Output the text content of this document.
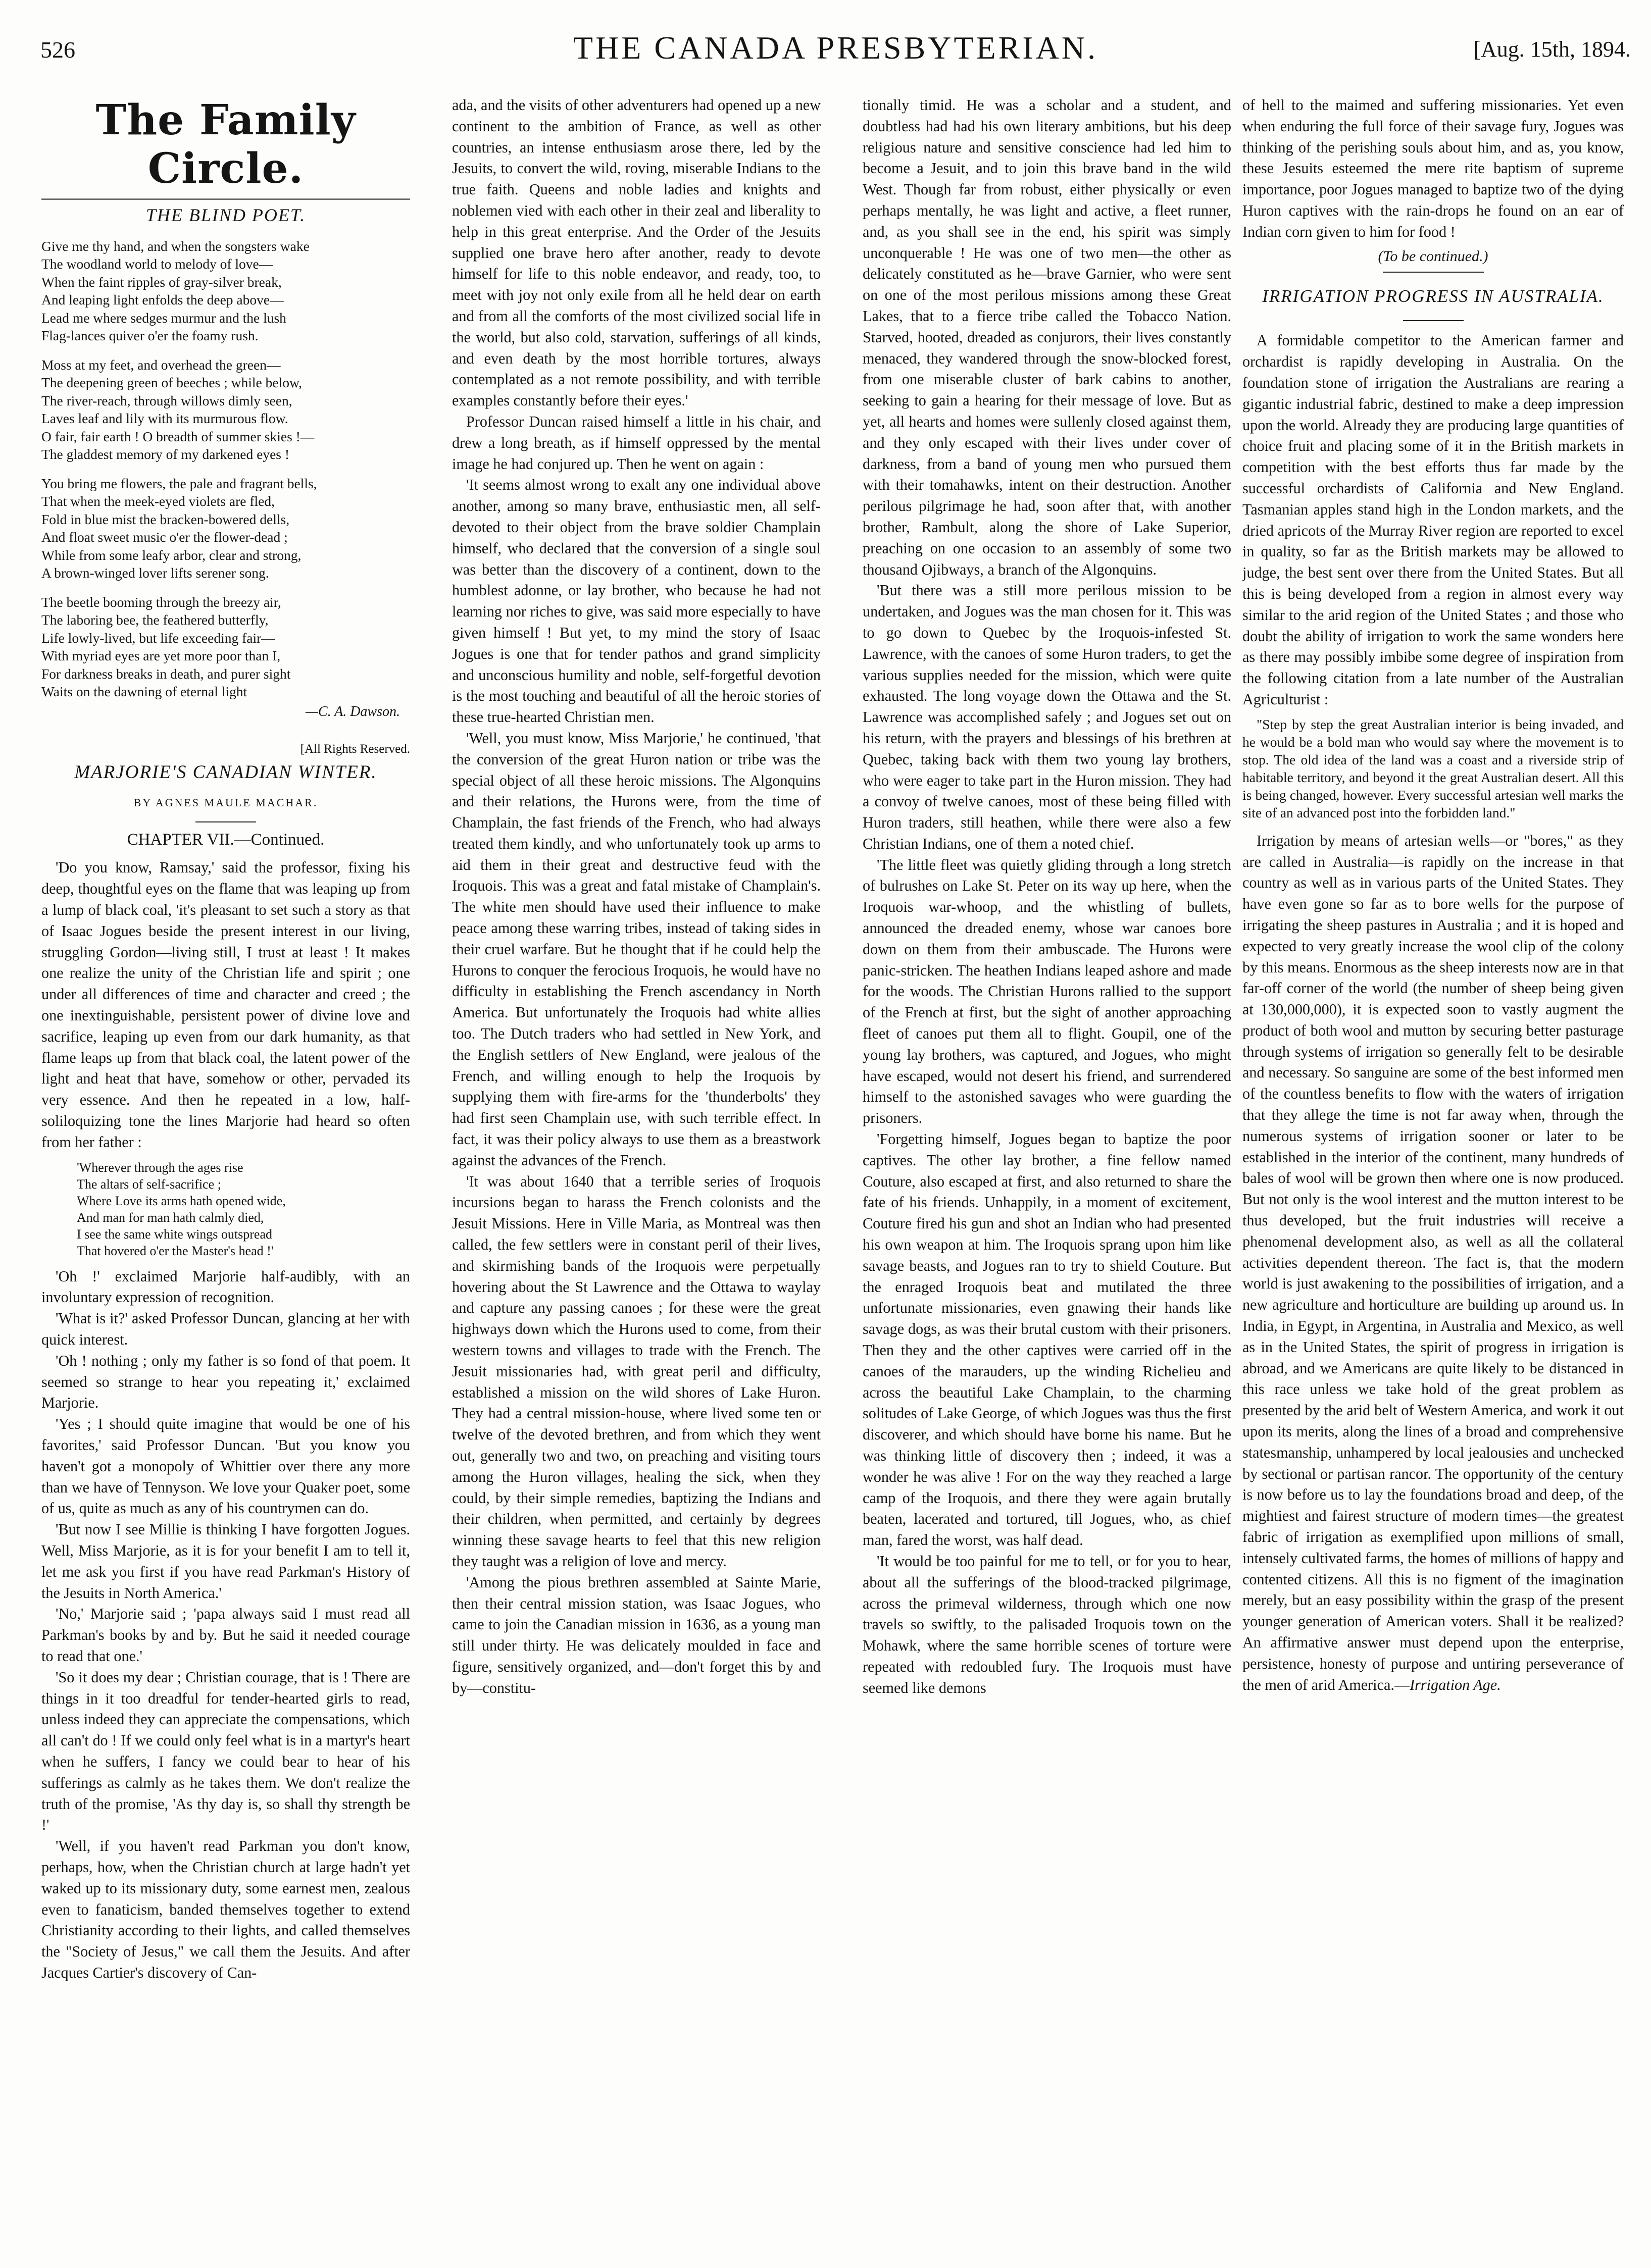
526	THE CANADA PRESBYTERIAN.	[Aug. 15th, 1894.
The Family Circle.
THE BLIND POET.
Give me thy hand, and when the songsters wake
The woodland world to melody of love—
When the faint ripples of gray-silver break,
And leaping light enfolds the deep above—
Lead me where sedges murmur and the lush
Flag-lances quiver o'er the foamy rush.
Moss at my feet, and overhead the green—
The deepening green of beeches ; while below,
The river-reach, through willows dimly seen,
Laves leaf and lily with its murmurous flow.
O fair, fair earth ! O breadth of summer skies !—
The gladdest memory of my darkened eyes !
You bring me flowers, the pale and fragrant bells,
That when the meek-eyed violets are fled,
Fold in blue mist the bracken-bowered dells,
And float sweet music o'er the flower-dead ;
While from some leafy arbor, clear and strong,
A brown-winged lover lifts serener song.
The beetle booming through the breezy air,
The laboring bee, the feathered butterfly,
Life lowly-lived, but life exceeding fair—
With myriad eyes are yet more poor than I,
For darkness breaks in death, and purer sight
Waits on the dawning of eternal light
—C. A. Dawson.
[All Rights Reserved.
MARJORIE'S CANADIAN WINTER.
BY AGNES MAULE MACHAR.
CHAPTER VII.—Continued.

'Do you know, Ramsay,' said the professor, fixing his deep, thoughtful eyes on the flame that was leaping up from a lump of black coal, 'it's pleasant to set such a story as that of Isaac Jogues beside the present interest in our living, struggling Gordon—living still, I trust at least ! It makes one realize the unity of the Christian life and spirit ; one under all differences of time and character and creed ; the one inextinguishable, persistent power of divine love and sacrifice, leaping up even from our dark humanity, as that flame leaps up from that black coal, the latent power of the light and heat that have, somehow or other, pervaded its very essence. And then he repeated in a low, half-soliloquizing tone the lines Marjorie had heard so often from her father :

'Wherever through the ages rise
The altars of self-sacrifice ;
Where Love its arms hath opened wide,
And man for man hath calmly died,
I see the same white wings outspread
That hovered o'er the Master's head !'

'Oh !' exclaimed Marjorie half-audibly, with an involuntary expression of recognition.

'What is it?' asked Professor Duncan, glancing at her with quick interest.

'Oh ! nothing ; only my father is so fond of that poem. It seemed so strange to hear you repeating it,' exclaimed Marjorie.

'Yes ; I should quite imagine that would be one of his favorites,' said Professor Duncan. 'But you know you haven't got a monopoly of Whittier over there any more than we have of Tennyson. We love your Quaker poet, some of us, quite as much as any of his countrymen can do.

'But now I see Millie is thinking I have forgotten Jogues. Well, Miss Marjorie, as it is for your benefit I am to tell it, let me ask you first if you have read Parkman's History of the Jesuits in North America.'

'No,' Marjorie said ; 'papa always said I must read all Parkman's books by and by. But he said it needed courage to read that one.'

'So it does my dear ; Christian courage, that is ! There are things in it too dreadful for tender-hearted girls to read, unless indeed they can appreciate the compensations, which all can't do ! If we could only feel what is in a martyr's heart when he suffers, I fancy we could bear to hear of his sufferings as calmly as he takes them. We don't realize the truth of the promise, 'As thy day is, so shall thy strength be !'

'Well, if you haven't read Parkman you don't know, perhaps, how, when the Christian church at large hadn't yet waked up to its missionary duty, some earnest men, zealous even to fanaticism, banded themselves together to extend Christianity according to their lights, and called themselves the "Society of Jesus," we call them the Jesuits. And after Jacques Cartier's discovery of Can-

ada, and the visits of other adventurers had opened up a new continent to the ambition of France, as well as other countries, an intense enthusiasm arose there, led by the Jesuits, to convert the wild, roving, miserable Indians to the true faith. Queens and noble ladies and knights and noblemen vied with each other in their zeal and liberality to help in this great enterprise. And the Order of the Jesuits supplied one brave hero after another, ready to devote himself for life to this noble endeavor, and ready, too, to meet with joy not only exile from all he held dear on earth and from all the comforts of the most civilized social life in the world, but also cold, starvation, sufferings of all kinds, and even death by the most horrible tortures, always contemplated as a not remote possibility, and with terrible examples constantly before their eyes.'

Professor Duncan raised himself a little in his chair, and drew a long breath, as if himself oppressed by the mental image he had conjured up. Then he went on again :

'It seems almost wrong to exalt any one individual above another, among so many brave, enthusiastic men, all self-devoted to their object from the brave soldier Champlain himself, who declared that the conversion of a single soul was better than the discovery of a continent, down to the humblest adonne, or lay brother, who because he had not learning nor riches to give, was said more especially to have given himself ! But yet, to my mind the story of Isaac Jogues is one that for tender pathos and grand simplicity and unconscious humility and noble, self-forgetful devotion is the most touching and beautiful of all the heroic stories of these true-hearted Christian men.

'Well, you must know, Miss Marjorie,' he continued, 'that the conversion of the great Huron nation or tribe was the special object of all these heroic missions. The Algonquins and their relations, the Hurons were, from the time of Champlain, the fast friends of the French, who had always treated them kindly, and who unfortunately took up arms to aid them in their great and destructive feud with the Iroquois. This was a great and fatal mistake of Champlain's. The white men should have used their influence to make peace among these warring tribes, instead of taking sides in their cruel warfare. But he thought that if he could help the Hurons to conquer the ferocious Iroquois, he would have no difficulty in establishing the French ascendancy in North America. But unfortunately the Iroquois had white allies too. The Dutch traders who had settled in New York, and the English settlers of New England, were jealous of the French, and willing enough to help the Iroquois by supplying them with fire-arms for the 'thunderbolts' they had first seen Champlain use, with such terrible effect. In fact, it was their policy always to use them as a breastwork against the advances of the French.

'It was about 1640 that a terrible series of Iroquois incursions began to harass the French colonists and the Jesuit Missions. Here in Ville Maria, as Montreal was then called, the few settlers were in constant peril of their lives, and skirmishing bands of the Iroquois were perpetually hovering about the St Lawrence and the Ottawa to waylay and capture any passing canoes ; for these were the great highways down which the Hurons used to come, from their western towns and villages to trade with the French. The Jesuit missionaries had, with great peril and difficulty, established a mission on the wild shores of Lake Huron. They had a central mission-house, where lived some ten or twelve of the devoted brethren, and from which they went out, generally two and two, on preaching and visiting tours among the Huron villages, healing the sick, when they could, by their simple remedies, baptizing the Indians and their children, when permitted, and certainly by degrees winning these savage hearts to feel that this new religion they taught was a religion of love and mercy.

'Among the pious brethren assembled at Sainte Marie, then their central mission station, was Isaac Jogues, who came to join the Canadian mission in 1636, as a young man still under thirty. He was delicately moulded in face and figure, sensitively organized, and—don't forget this by and by—constitu-

tionally timid. He was a scholar and a student, and doubtless had had his own literary ambitions, but his deep religious nature and sensitive conscience had led him to become a Jesuit, and to join this brave band in the wild West. Though far from robust, either physically or even perhaps mentally, he was light and active, a fleet runner, and, as you shall see in the end, his spirit was simply unconquerable ! He was one of two men—the other as delicately constituted as he—brave Garnier, who were sent on one of the most perilous missions among these Great Lakes, that to a fierce tribe called the Tobacco Nation. Starved, hooted, dreaded as conjurors, their lives constantly menaced, they wandered through the snow-blocked forest, from one miserable cluster of bark cabins to another, seeking to gain a hearing for their message of love. But as yet, all hearts and homes were sullenly closed against them, and they only escaped with their lives under cover of darkness, from a band of young men who pursued them with their tomahawks, intent on their destruction. Another perilous pilgrimage he had, soon after that, with another brother, Rambult, along the shore of Lake Superior, preaching on one occasion to an assembly of some two thousand Ojibways, a branch of the Algonquins.

'But there was a still more perilous mission to be undertaken, and Jogues was the man chosen for it. This was to go down to Quebec by the Iroquois-infested St. Lawrence, with the canoes of some Huron traders, to get the various supplies needed for the mission, which were quite exhausted. The long voyage down the Ottawa and the St. Lawrence was accomplished safely ; and Jogues set out on his return, with the prayers and blessings of his brethren at Quebec, taking back with them two young lay brothers, who were eager to take part in the Huron mission. They had a convoy of twelve canoes, most of these being filled with Huron traders, still heathen, while there were also a few Christian Indians, one of them a noted chief.

'The little fleet was quietly gliding through a long stretch of bulrushes on Lake St. Peter on its way up here, when the Iroquois war-whoop, and the whistling of bullets, announced the dreaded enemy, whose war canoes bore down on them from their ambuscade. The Hurons were panic-stricken. The heathen Indians leaped ashore and made for the woods. The Christian Hurons rallied to the support of the French at first, but the sight of another approaching fleet of canoes put them all to flight. Goupil, one of the young lay brothers, was captured, and Jogues, who might have escaped, would not desert his friend, and surrendered himself to the astonished savages who were guarding the prisoners.

'Forgetting himself, Jogues began to baptize the poor captives. The other lay brother, a fine fellow named Couture, also escaped at first, and also returned to share the fate of his friends. Unhappily, in a moment of excitement, Couture fired his gun and shot an Indian who had presented his own weapon at him. The Iroquois sprang upon him like savage beasts, and Jogues ran to try to shield Couture. But the enraged Iroquois beat and mutilated the three unfortunate missionaries, even gnawing their hands like savage dogs, as was their brutal custom with their prisoners. Then they and the other captives were carried off in the canoes of the marauders, up the winding Richelieu and across the beautiful Lake Champlain, to the charming solitudes of Lake George, of which Jogues was thus the first discoverer, and which should have borne his name. But he was thinking little of discovery then ; indeed, it was a wonder he was alive ! For on the way they reached a large camp of the Iroquois, and there they were again brutally beaten, lacerated and tortured, till Jogues, who, as chief man, fared the worst, was half dead.

'It would be too painful for me to tell, or for you to hear, about all the sufferings of the blood-tracked pilgrimage, across the primeval wilderness, through which one now travels so swiftly, to the palisaded Iroquois town on the Mohawk, where the same horrible scenes of torture were repeated with redoubled fury. The Iroquois must have seemed like demons

of hell to the maimed and suffering missionaries. Yet even when enduring the full force of their savage fury, Jogues was thinking of the perishing souls about him, and as, you know, these Jesuits esteemed the mere rite baptism of supreme importance, poor Jogues managed to baptize two of the dying Huron captives with the rain-drops he found on an ear of Indian corn given to him for food !

(To be continued.)
IRRIGATION PROGRESS IN AUSTRALIA.

A formidable competitor to the American farmer and orchardist is rapidly developing in Australia. On the foundation stone of irrigation the Australians are rearing a gigantic industrial fabric, destined to make a deep impression upon the world. Already they are producing large quantities of choice fruit and placing some of it in the British markets in competition with the best efforts thus far made by the successful orchardists of California and New England. Tasmanian apples stand high in the London markets, and the dried apricots of the Murray River region are reported to excel in quality, so far as the British markets may be allowed to judge, the best sent over there from the United States. But all this is being developed from a region in almost every way similar to the arid region of the United States ; and those who doubt the ability of irrigation to work the same wonders here as there may possibly imbibe some degree of inspiration from the following citation from a late number of the Australian Agriculturist :

"Step by step the great Australian interior is being invaded, and he would be a bold man who would say where the movement is to stop. The old idea of the land was a coast and a riverside strip of habitable territory, and beyond it the great Australian desert. All this is being changed, however. Every successful artesian well marks the site of an advanced post into the forbidden land."

Irrigation by means of artesian wells—or "bores," as they are called in Australia—is rapidly on the increase in that country as well as in various parts of the United States. They have even gone so far as to bore wells for the purpose of irrigating the sheep pastures in Australia ; and it is hoped and expected to very greatly increase the wool clip of the colony by this means. Enormous as the sheep interests now are in that far-off corner of the world (the number of sheep being given at 130,000,000), it is expected soon to vastly augment the product of both wool and mutton by securing better pasturage through systems of irrigation so generally felt to be desirable and necessary. So sanguine are some of the best informed men of the countless benefits to flow with the waters of irrigation that they allege the time is not far away when, through the numerous systems of irrigation sooner or later to be established in the interior of the continent, many hundreds of bales of wool will be grown then where one is now produced. But not only is the wool interest and the mutton interest to be thus developed, but the fruit industries will receive a phenomenal development also, as well as all the collateral activities dependent thereon. The fact is, that the modern world is just awakening to the possibilities of irrigation, and a new agriculture and horticulture are building up around us. In India, in Egypt, in Argentina, in Australia and Mexico, as well as in the United States, the spirit of progress in irrigation is abroad, and we Americans are quite likely to be distanced in this race unless we take hold of the great problem as presented by the arid belt of Western America, and work it out upon its merits, along the lines of a broad and comprehensive statesmanship, unhampered by local jealousies and unchecked by sectional or partisan rancor. The opportunity of the century is now before us to lay the foundations broad and deep, of the mightiest and fairest structure of modern times—the greatest fabric of irrigation as exemplified upon millions of small, intensely cultivated farms, the homes of millions of happy and contented citizens. All this is no figment of the imagination merely, but an easy possibility within the grasp of the present younger generation of American voters. Shall it be realized? An affirmative answer must depend upon the enterprise, persistence, honesty of purpose and untiring perseverance of the men of arid America.—Irrigation Age.
